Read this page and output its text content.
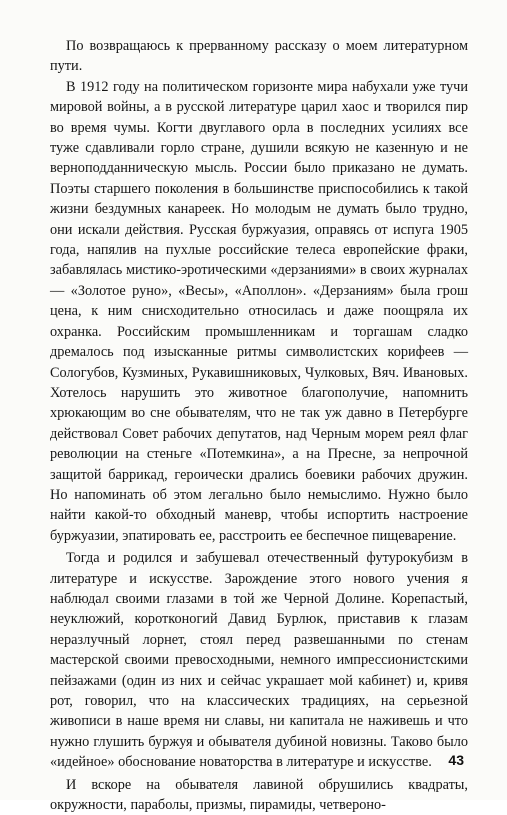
По возвращаюсь к прерванному рассказу о моем литературном пути.

В 1912 году на политическом горизонте мира набухали уже тучи мировой войны, а в русской литературе царил хаос и творился пир во время чумы. Когти двуглавого орла в последних усилиях все туже сдавливали горло стране, душили всякую не казенную и не верноподданническую мысль. России было приказано не думать. Поэты старшего поколения в большинстве приспособились к такой жизни бездумных канареек. Но молодым не думать было трудно, они искали действия. Русская буржуазия, оправясь от испуга 1905 года, напялив на пухлые российские телеса европейские фраки, забавлялась мистико-эротическими «дерзаниями» в своих журналах — «Золотое руно», «Весы», «Аполлон». «Дерзаниям» была грош цена, к ним снисходительно относилась и даже поощряла их охранка. Российским промышленникам и торгашам сладко дремалось под изысканные ритмы символистских корифеев — Сологубов, Кузминых, Рукавишниковых, Чулковых, Вяч. Ивановых. Хотелось нарушить это животное благополучие, напомнить хрюкающим во сне обывателям, что не так уж давно в Петербурге действовал Совет рабочих депутатов, над Черным морем реял флаг революции на стеньге «Потемкина», а на Пресне, за непрочной защитой баррикад, героически дрались боевики рабочих дружин. Но напоминать об этом легально было немыслимо. Нужно было найти какой-то обходный маневр, чтобы испортить настроение буржуазии, эпатировать ее, расстроить ее беспечное пищеварение.

Тогда и родился и забушевал отечественный футурокубизм в литературе и искусстве. Зарождение этого нового учения я наблюдал своими глазами в той же Черной Долине. Корепастый, неуклюжий, коротконогий Давид Бурлюк, приставив к глазам неразлучный лорнет, стоял перед развешанными по стенам мастерской своими превосходными, немного импрессионистскими пейзажами (один из них и сейчас украшает мой кабинет) и, кривя рот, говорил, что на классических традициях, на серьезной живописи в наше время ни славы, ни капитала не наживешь и что нужно глушить буржуя и обывателя дубиной новизны. Таково было «идейное» обоснование новаторства в литературе и искусстве.

И вскоре на обывателя лавиной обрушились квадраты, окружности, параболы, призмы, пирамиды, четвероно-

43
